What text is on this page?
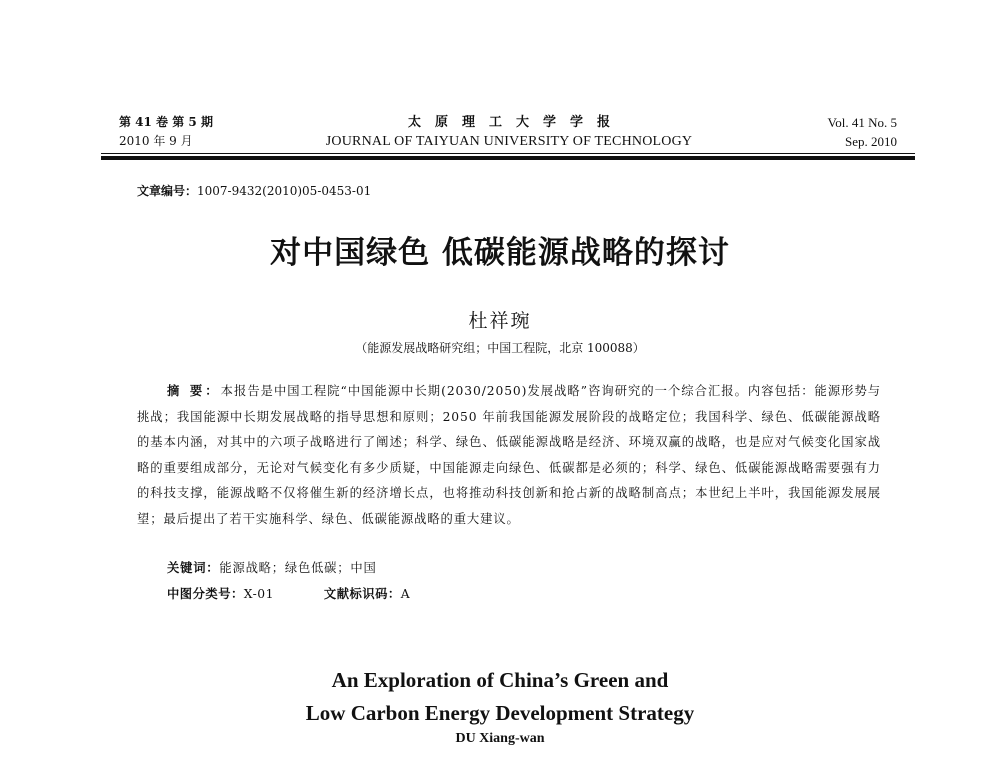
第 41 卷 第 5 期
2010 年 9 月
太原理工大学学报
JOURNAL OF TAIYUAN UNIVERSITY OF TECHNOLOGY
Vol. 41 No. 5
Sep. 2010
文章编号：1007-9432(2010)05-0453-01
对中国绿色 低碳能源战略的探讨
杜祥琬
（能源发展战略研究组；中国工程院，北京 100088）
摘 要：本报告是中国工程院“中国能源中长期(2030/2050)发展战略”咨询研究的一个综合汇报。内容包括：能源形势与挑战；我国能源中长期发展战略的指导思想和原则；2050 年前我国能源发展阶段的战略定位；我国科学、绿色、低碳能源战略的基本内涵，对其中的六项子战略进行了阐述；科学、绿色、低碳能源战略是经济、环境双赢的战略，也是应对气候变化国家战略的重要组成部分，无论对气候变化有多少质疑，中国能源走向绿色、低碳都是必须的；科学、绿色、低碳能源战略需要强有力的科技支撑，能源战略不仅将催生新的经济增长点，也将推动科技创新和抢占新的战略制高点；本世纪上半叶，我国能源发展展望；最后提出了若干实施科学、绿色、低碳能源战略的重大建议。
关键词：能源战略；绿色低碳；中国
中图分类号：X-01	文献标识码：A
An Exploration of China’s Green and
Low Carbon Energy Development Strategy
DU Xiang-wan
